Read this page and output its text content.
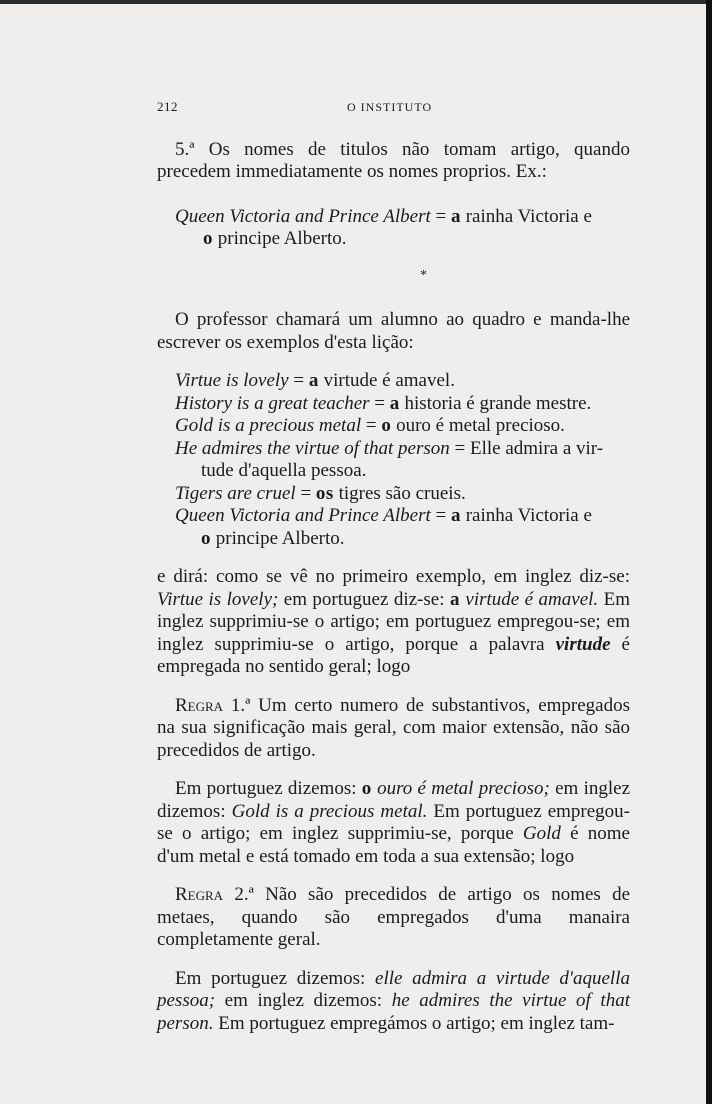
212	O INSTITUTO

5.ª Os nomes de titulos não tomam artigo, quando precedem immediatamente os nomes proprios. Ex.:

Queen Victoria and Prince Albert = a rainha Victoria e
o principe Alberto.
*

O professor chamará um alumno ao quadro e manda-lhe escrever os exemplos d'esta lição:

Virtue is lovely = a virtude é amavel.
History is a great teacher = a historia é grande mestre.
Gold is a precious metal = o ouro é metal precioso.
He admires the virtue of that person = Elle admira a vir-
tude d'aquella pessoa.
Tigers are cruel = os tigres são crueis.
Queen Victoria and Prince Albert = a rainha Victoria e
o principe Alberto.

e dirá: como se vê no primeiro exemplo, em inglez diz-se: Virtue is lovely; em portuguez diz-se: a virtude é amavel. Em inglez supprimiu-se o artigo; em portuguez empregou-se; em inglez supprimiu-se o artigo, porque a palavra virtude é empregada no sentido geral; logo

Regra 1.ª Um certo numero de substantivos, empregados na sua significação mais geral, com maior extensão, não são precedidos de artigo.

Em portuguez dizemos: o ouro é metal precioso; em inglez dizemos: Gold is a precious metal. Em portuguez empregou-se o artigo; em inglez supprimiu-se, porque Gold é nome d'um metal e está tomado em toda a sua extensão; logo

Regra 2.ª Não são precedidos de artigo os nomes de metaes, quando são empregados d'uma manaira completamente geral.

Em portuguez dizemos: elle admira a virtude d'aquella pessoa; em inglez dizemos: he admires the virtue of that person. Em portuguez empregámos o artigo; em inglez tam-
